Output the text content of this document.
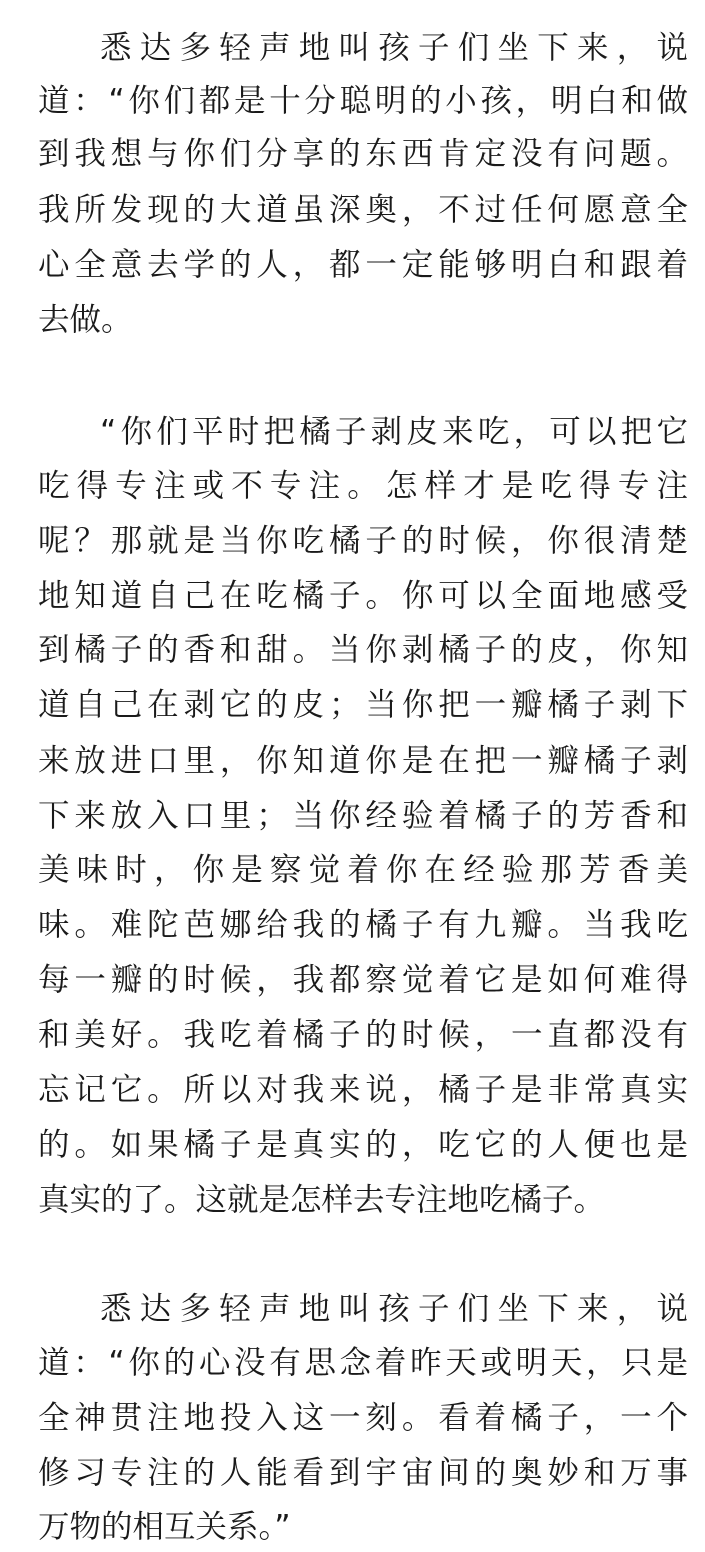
悉达多轻声地叫孩子们坐下来，说
道：“你们都是十分聪明的小孩，明白和做
到我想与你们分享的东西肯定没有问题。
我所发现的大道虽深奥，不过任何愿意全
心全意去学的人，都一定能够明白和跟着
去做。
“你们平时把橘子剥皮来吃，可以把它
吃得专注或不专注。怎样才是吃得专注
呢？那就是当你吃橘子的时候，你很清楚
地知道自己在吃橘子。你可以全面地感受
到橘子的香和甜。当你剥橘子的皮，你知
道自己在剥它的皮；当你把一瓣橘子剥下
来放进口里，你知道你是在把一瓣橘子剥
下来放入口里；当你经验着橘子的芳香和
美味时，你是察觉着你在经验那芳香美
味。难陀芭娜给我的橘子有九瓣。当我吃
每一瓣的时候，我都察觉着它是如何难得
和美好。我吃着橘子的时候，一直都没有
忘记它。所以对我来说，橘子是非常真实
的。如果橘子是真实的，吃它的人便也是
真实的了。这就是怎样去专注地吃橘子。
悉达多轻声地叫孩子们坐下来，说
道：“你的心没有思念着昨天或明天，只是
全神贯注地投入这一刻。看着橘子，一个
修习专注的人能看到宇宙间的奥妙和万事
万物的相互关系。”
